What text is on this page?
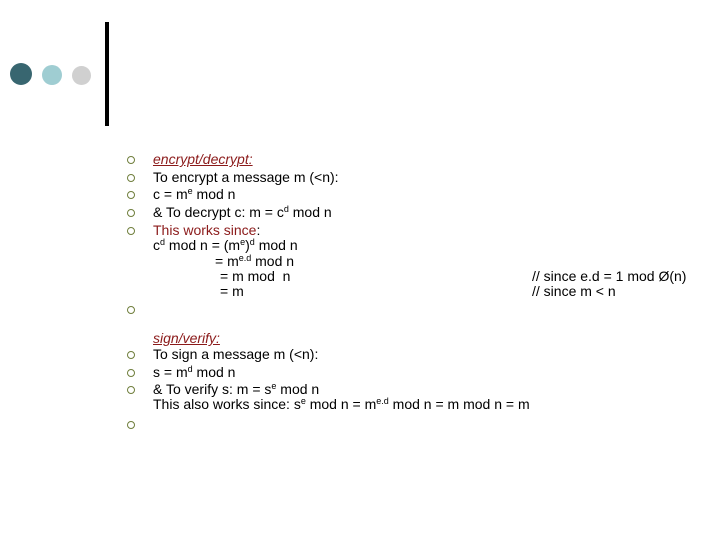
encrypt/decrypt:
To encrypt a message m (<n):
$c = m^e$ mod n
& To decrypt c: $m = c^d$ mod n
This works since:
$c^d$ mod $n = (m^e)^d$ mod n
= $m^{e.d}$ mod n
= m mod  n	// since e.d = 1 mod Ø(n)
= m	// since m < n
sign/verify:
To sign a message m (<n):
$s = m^d$ mod n
& To verify s: $m = s^e$ mod n
This also works since: $s^e$ mod $n = m^{e.d}$ mod n = m mod n = m
